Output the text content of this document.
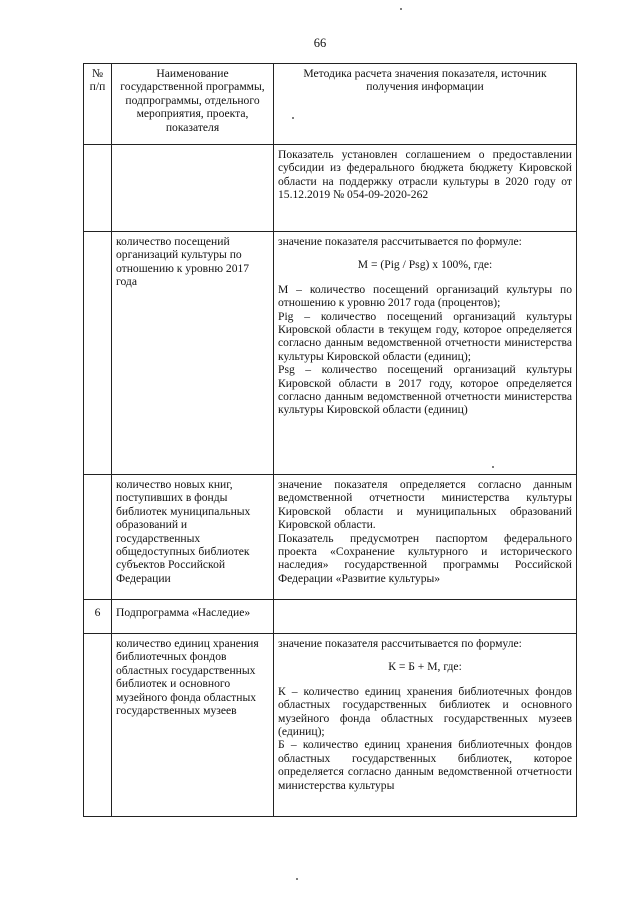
66
№ п/п	Наименование государственной программы, подпрограммы, отдельного мероприятия, проекта, показателя	Методика расчета значения показателя, источник получения информации

		Показатель установлен соглашением о предоставлении субсидии из федерального бюджета бюджету Кировской области на поддержку отрасли культуры в 2020 году от 15.12.2019 № 054-09-2020-262

	количество посещений организаций культуры по отношению к уровню 2017 года	значение показателя рассчитывается по формуле:

M = (Pig / Psg) x 100%, где:

М – количество посещений организаций культуры по отношению к уровню 2017 года (процентов);

Pig – количество посещений организаций культуры Кировской области в текущем году, которое определяется согласно данным ведомственной отчетности министерства культуры Кировской области (единиц);

Psg – количество посещений организаций культуры Кировской области в 2017 году, которое определяется согласно данным ведомственной отчетности министерства культуры Кировской области (единиц)

	количество новых книг, поступивших в фонды библиотек муниципальных образований и государственных общедоступных библиотек субъектов Российской Федерации	значение показателя определяется согласно данным ведомственной отчетности министерства культуры Кировской области и муниципальных образований Кировской области.

Показатель предусмотрен паспортом федерального проекта «Сохранение культурного и исторического наследия» государственной программы Российской Федерации «Развитие культуры»

6	Подпрограмма «Наследие»	
	количество единиц хранения библиотечных фондов областных государственных библиотек и основного музейного фонда областных государственных музеев	значение показателя рассчитывается по формуле:

К = Б + М, где:

К – количество единиц хранения библиотечных фондов областных государственных библиотек и основного музейного фонда областных государственных музеев (единиц);

Б – количество единиц хранения библиотечных фондов областных государственных библиотек, которое определяется согласно данным ведомственной отчетности министерства культуры
